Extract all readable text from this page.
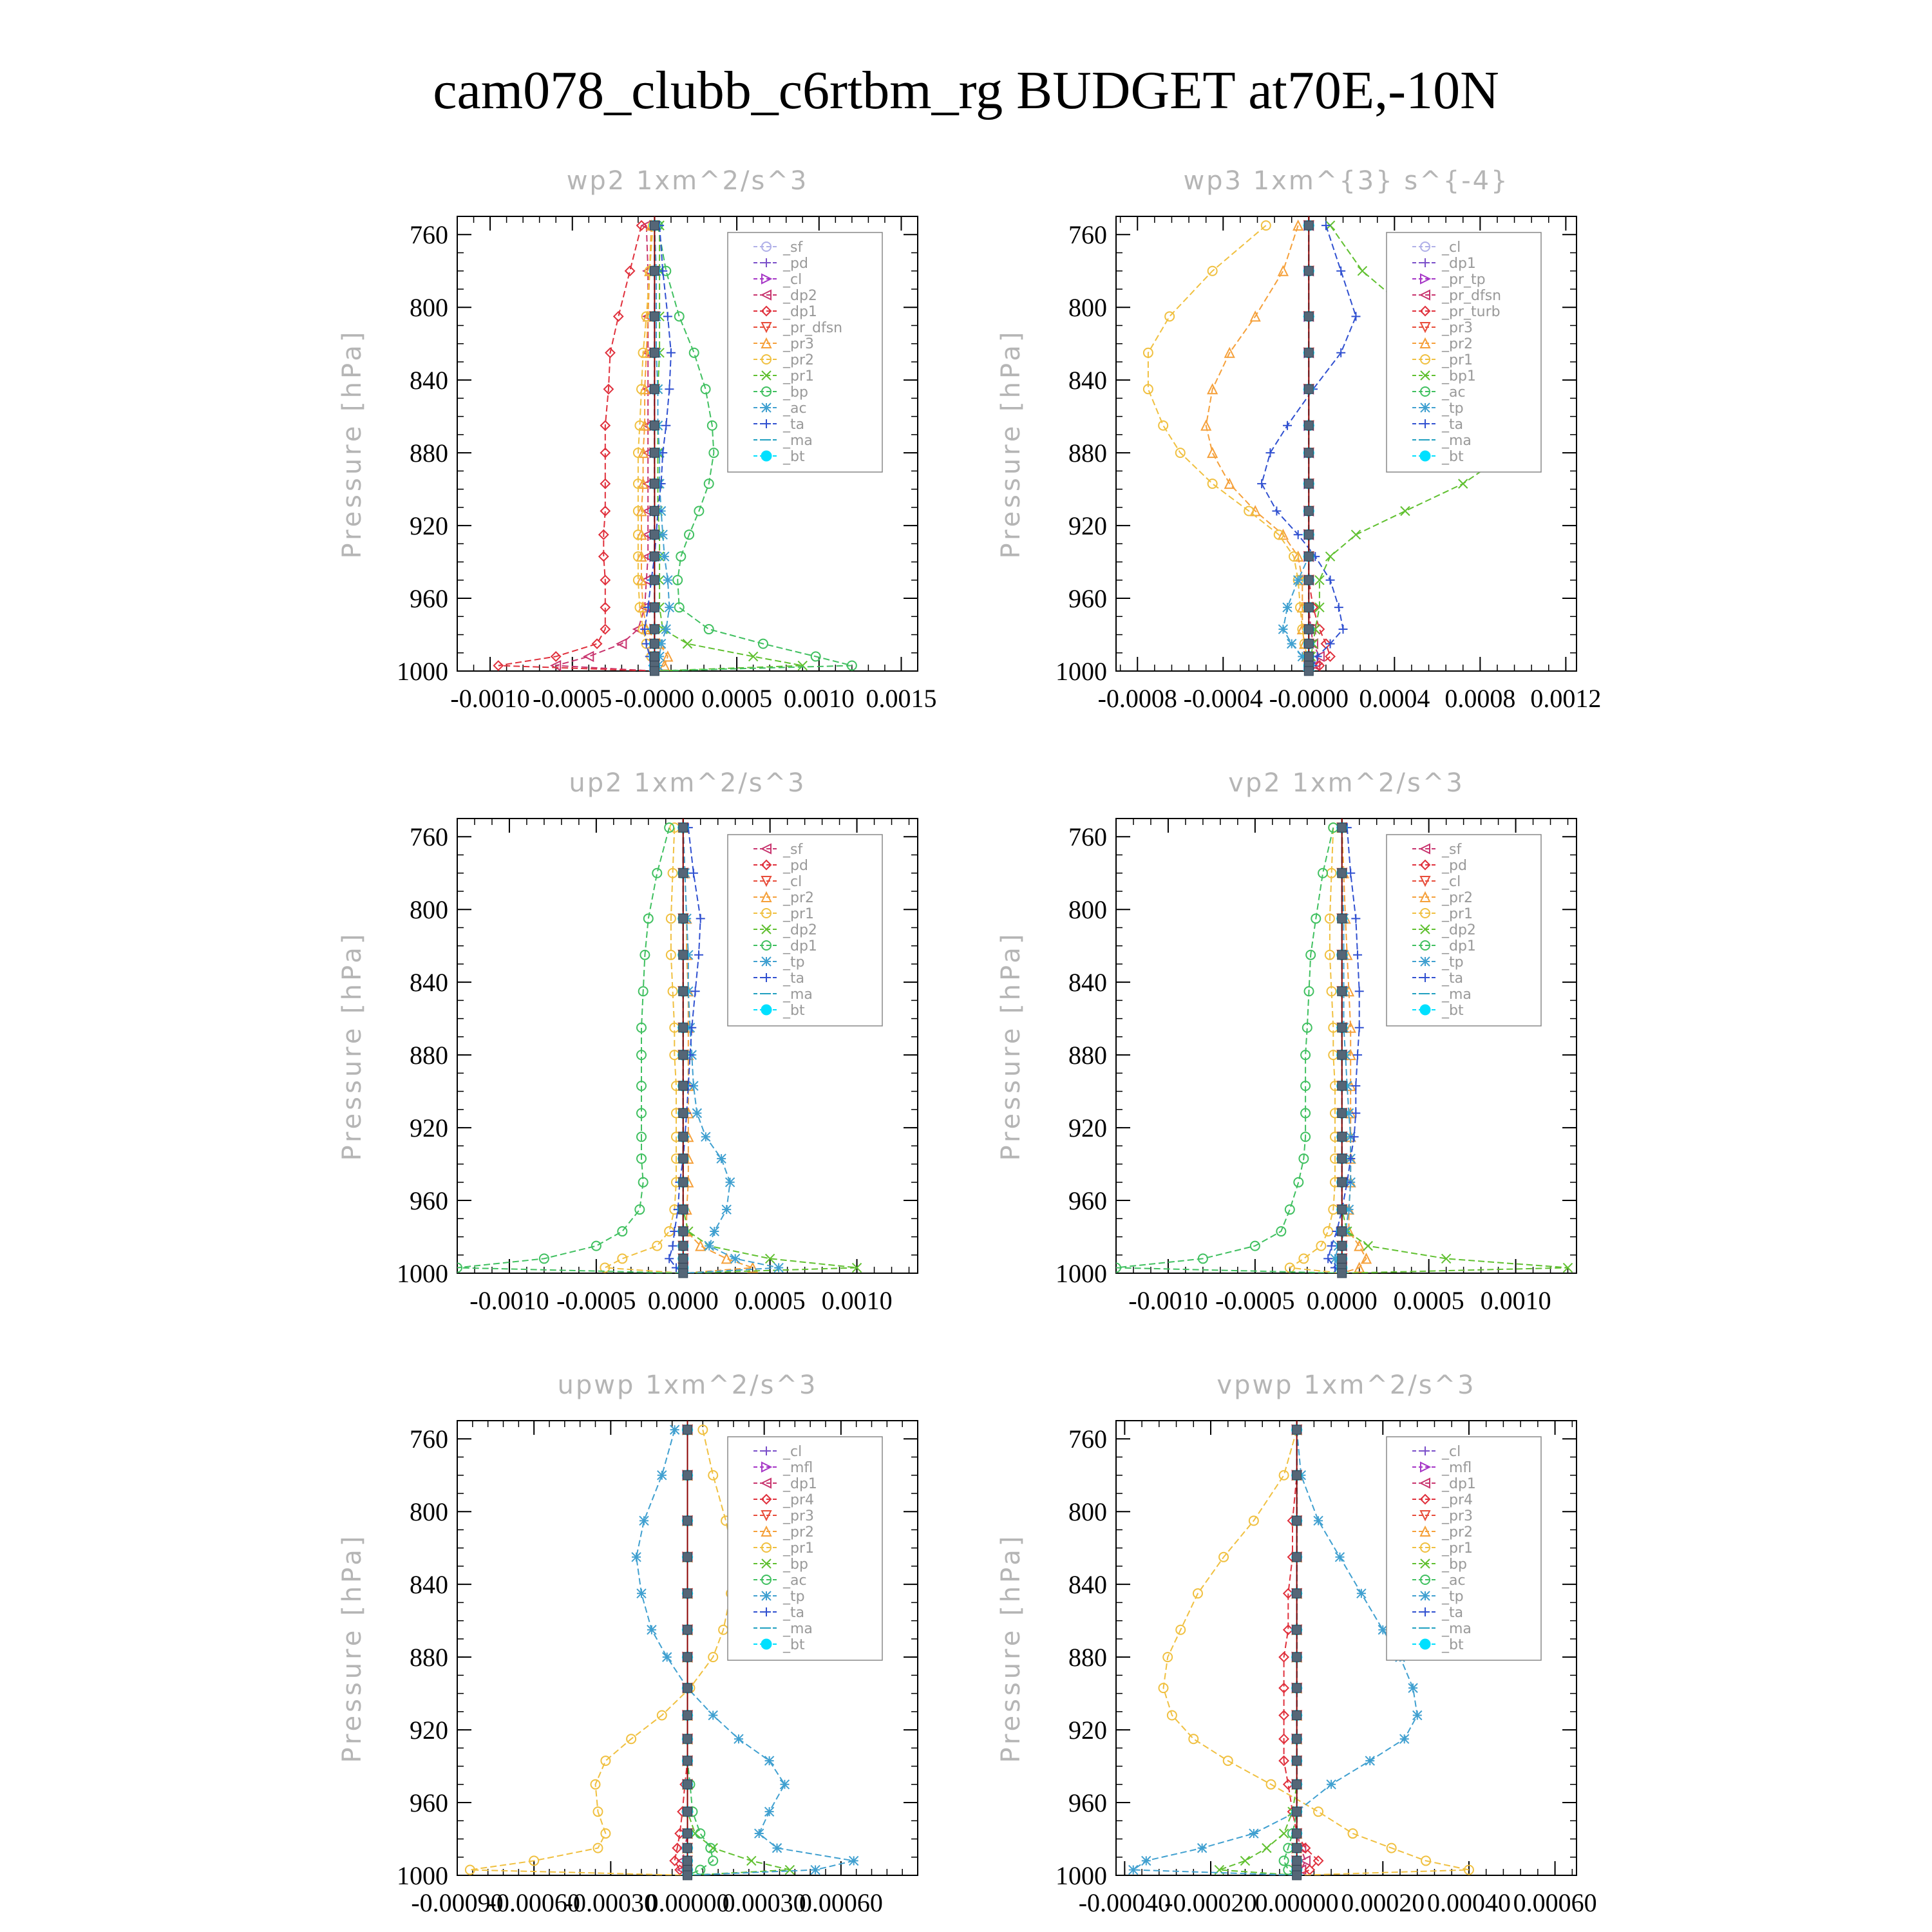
cam078_clubb_c6rtbm_rg BUDGET at70E,-10N
wp2 1xm^2/s^3
Pressure [hPa]
760
800
840
880
920
960
1000
-0.0010 -0.0005 -0.0000 0.0005 0.0010 0.0015
_sf
_pd
_cl
_dp2
_dp1
_pr_dfsn
_pr3
_pr2
_pr1
_bp
_ac
_ta
_ma
_bt
wp3 1xm^{3} s^{-4}
Pressure [hPa]
760
800
840
880
920
960
1000
-0.0008 -0.0004 -0.0000 0.0004 0.0008 0.0012
_cl
_dp1
_pr_tp
_pr_dfsn
_pr_turb
_pr3
_pr2
_pr1
_bp1
_ac
_tp
_ta
_ma
_bt
up2 1xm^2/s^3
Pressure [hPa]
760
800
840
880
920
960
1000
-0.0010 -0.0005 0.0000 0.0005 0.0010
_sf
_pd
_cl
_pr2
_pr1
_dp2
_dp1
_tp
_ta
_ma
_bt
vp2 1xm^2/s^3
Pressure [hPa]
760
800
840
880
920
960
1000
-0.0010 -0.0005 0.0000 0.0005 0.0010
_sf
_pd
_cl
_pr2
_pr1
_dp2
_dp1
_tp
_ta
_ma
_bt
upwp 1xm^2/s^3
Pressure [hPa]
760
800
840
880
920
960
1000
-0.00090
-0.00060
-0.00030
0.00000
0.00030
0.00060
_cl
_mfl
_dp1
_pr4
_pr3
_pr2
_pr1
_bp
_ac
_tp
_ta
_ma
_bt
vpwp 1xm^2/s^3
Pressure [hPa]
760
800
840
880
920
960
1000
-0.00040
-0.00020
0.00000 0.00020 0.00040 0.00060
_cl
_mfl
_dp1
_pr4
_pr3
_pr2
_pr1
_bp
_ac
_tp
_ta
_ma
_bt
